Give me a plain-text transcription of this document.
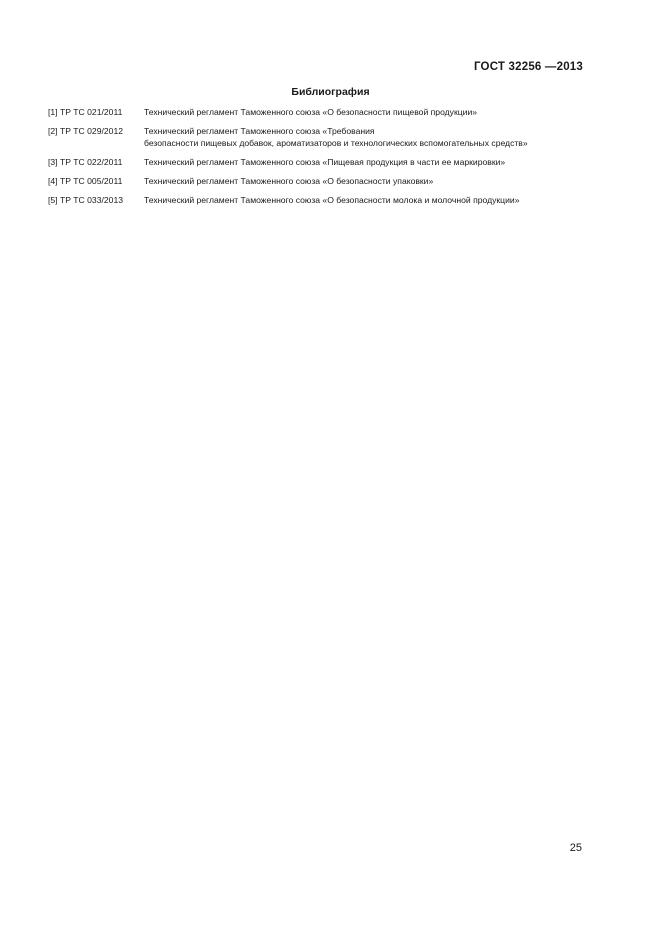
ГОСТ 32256 —2013
Библиография
[1] ТР ТС 021/2011	Технический регламент Таможенного союза «О безопасности пищевой продукции»
[2] ТР ТС 029/2012	Технический регламент Таможенного союза «Требования
безопасности пищевых добавок, ароматизаторов и технологических вспомогательных средств»
[3] ТР ТС 022/2011	Технический регламент Таможенного союза «Пищевая продукция в части ее маркировки»
[4] ТР ТС 005/2011	Технический регламент Таможенного союза «О безопасности упаковки»
[5] ТР ТС 033/2013	Технический регламент Таможенного союза «О безопасности молока и молочной продукции»
25
